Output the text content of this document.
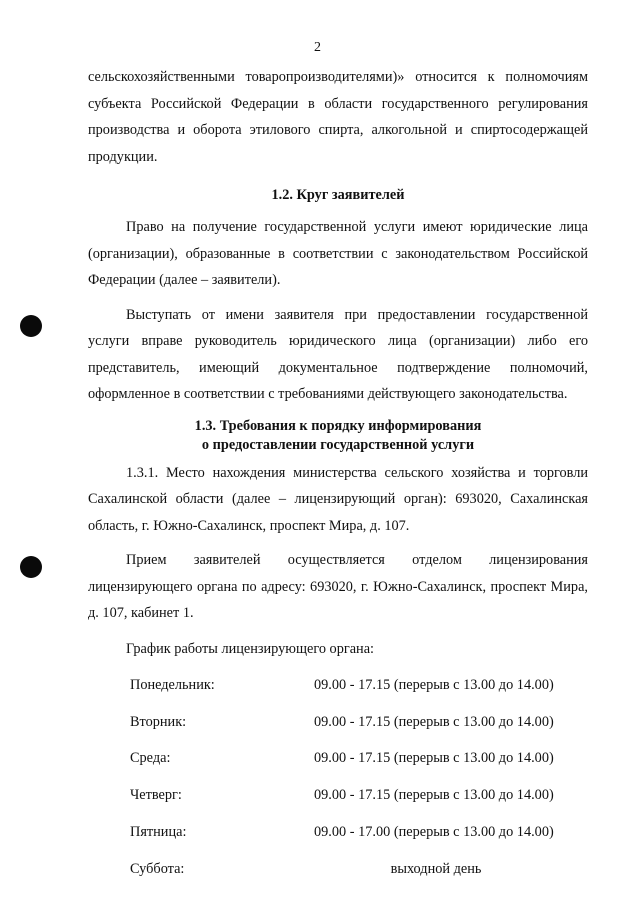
2

сельскохозяйственными товаропроизводителями)» относится к полномочиям субъекта Российской Федерации в области государственного регулирования производства и оборота этилового спирта, алкогольной и спиртосодержащей продукции.

1.2. Круг заявителей

Право на получение государственной услуги имеют юридические лица (организации), образованные в соответствии с законодательством Российской Федерации (далее – заявители).

Выступать от имени заявителя при предоставлении государственной услуги вправе руководитель юридического лица (организации) либо его представитель, имеющий документальное подтверждение полномочий, оформленное в соответствии с требованиями действующего законодательства.

1.3. Требования к порядку информирования
о предоставлении государственной услуги

1.3.1. Место нахождения министерства сельского хозяйства и торговли Сахалинской области (далее – лицензирующий орган): 693020, Сахалинская область, г. Южно-Сахалинск, проспект Мира, д. 107.

Прием заявителей осуществляется отделом лицензирования лицензирующего органа по адресу: 693020, г. Южно-Сахалинск, проспект Мира, д. 107, кабинет 1.

График работы лицензирующего органа:

Понедельник:	09.00 - 17.15 (перерыв с 13.00 до 14.00)
Вторник:	09.00 - 17.15 (перерыв с 13.00 до 14.00)
Среда:	09.00 - 17.15 (перерыв с 13.00 до 14.00)
Четверг:	09.00 - 17.15 (перерыв с 13.00 до 14.00)
Пятница:	09.00 - 17.00 (перерыв с 13.00 до 14.00)
Суббота:	выходной день
